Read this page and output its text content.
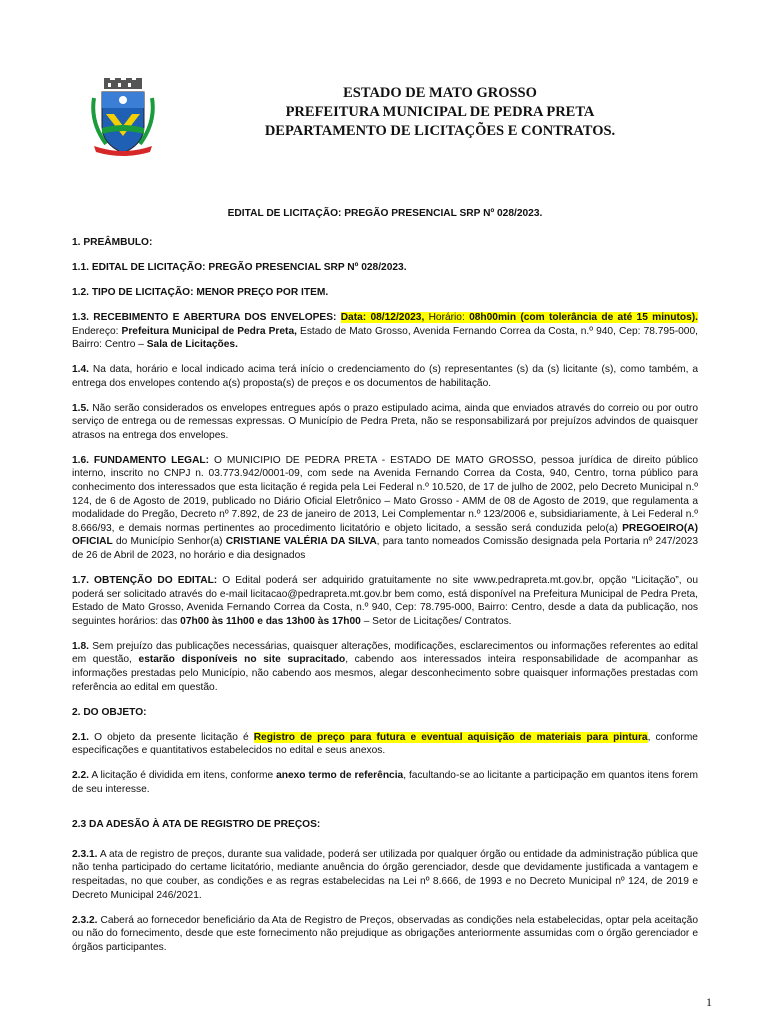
ESTADO DE MATO GROSSO
PREFEITURA MUNICIPAL DE PEDRA PRETA
DEPARTAMENTO DE LICITAÇÕES E CONTRATOS.
EDITAL DE LICITAÇÃO: PREGÃO PRESENCIAL SRP Nº 028/2023.
1. PREÂMBULO:
1.1. EDITAL DE LICITAÇÃO: PREGÃO PRESENCIAL SRP Nº 028/2023.
1.2. TIPO DE LICITAÇÃO: MENOR PREÇO POR ITEM.
1.3. RECEBIMENTO E ABERTURA DOS ENVELOPES: Data: 08/12/2023, Horário: 08h00min (com tolerância de até 15 minutos). Endereço: Prefeitura Municipal de Pedra Preta, Estado de Mato Grosso, Avenida Fernando Correa da Costa, n.º 940, Cep: 78.795-000, Bairro: Centro – Sala de Licitações.
1.4. Na data, horário e local indicado acima terá início o credenciamento do (s) representantes (s) da (s) licitante (s), como também, a entrega dos envelopes contendo a(s) proposta(s) de preços e os documentos de habilitação.
1.5. Não serão considerados os envelopes entregues após o prazo estipulado acima, ainda que enviados através do correio ou por outro serviço de entrega ou de remessas expressas. O Município de Pedra Preta, não se responsabilizará por prejuízos advindos de quaisquer atrasos na entrega dos envelopes.
1.6. FUNDAMENTO LEGAL: O MUNICIPIO DE PEDRA PRETA - ESTADO DE MATO GROSSO, pessoa jurídica de direito público interno, inscrito no CNPJ n. 03.773.942/0001-09, com sede na Avenida Fernando Correa da Costa, 940, Centro, torna público para conhecimento dos interessados que esta licitação é regida pela Lei Federal n.º 10.520, de 17 de julho de 2002, pelo Decreto Municipal n.º 124, de 6 de Agosto de 2019, publicado no Diário Oficial Eletrônico – Mato Grosso - AMM de 08 de Agosto de 2019, que regulamenta a modalidade do Pregão, Decreto nº 7.892, de 23 de janeiro de 2013, Lei Complementar n.º 123/2006 e, subsidiariamente, à Lei Federal n.º 8.666/93, e demais normas pertinentes ao procedimento licitatório e objeto licitado, a sessão será conduzida pelo(a) PREGOEIRO(A) OFICIAL do Município Senhor(a) CRISTIANE VALÉRIA DA SILVA, para tanto nomeados Comissão designada pela Portaria nº 247/2023 de 26 de Abril de 2023, no horário e dia designados
1.7. OBTENÇÃO DO EDITAL: O Edital poderá ser adquirido gratuitamente no site www.pedrapreta.mt.gov.br, opção “Licitação”, ou poderá ser solicitado através do e-mail licitacao@pedrapreta.mt.gov.br bem como, está disponível na Prefeitura Municipal de Pedra Preta, Estado de Mato Grosso, Avenida Fernando Correa da Costa, n.º 940, Cep: 78.795-000, Bairro: Centro, desde a data da publicação, nos seguintes horários: das 07h00 às 11h00 e das 13h00 às 17h00 – Setor de Licitações/ Contratos.
1.8. Sem prejuízo das publicações necessárias, quaisquer alterações, modificações, esclarecimentos ou informações referentes ao edital em questão, estarão disponíveis no site supracitado, cabendo aos interessados inteira responsabilidade de acompanhar as informações prestadas pelo Município, não cabendo aos mesmos, alegar desconhecimento sobre quaisquer informações prestadas com referência ao edital em questão.
2. DO OBJETO:
2.1. O objeto da presente licitação é Registro de preço para futura e eventual aquisição de materiais para pintura, conforme especificações e quantitativos estabelecidos no edital e seus anexos.
2.2. A licitação é dividida em itens, conforme anexo termo de referência, facultando-se ao licitante a participação em quantos itens forem de seu interesse.
2.3 DA ADESÃO À ATA DE REGISTRO DE PREÇOS:
2.3.1. A ata de registro de preços, durante sua validade, poderá ser utilizada por qualquer órgão ou entidade da administração pública que não tenha participado do certame licitatório, mediante anuência do órgão gerenciador, desde que devidamente justificada a vantagem e respeitadas, no que couber, as condições e as regras estabelecidas na Lei nº 8.666, de 1993 e no Decreto Municipal nº 124, de 2019 e Decreto Municipal 246/2021.
2.3.2. Caberá ao fornecedor beneficiário da Ata de Registro de Preços, observadas as condições nela estabelecidas, optar pela aceitação ou não do fornecimento, desde que este fornecimento não prejudique as obrigações anteriormente assumidas com o órgão gerenciador e órgãos participantes.
1
